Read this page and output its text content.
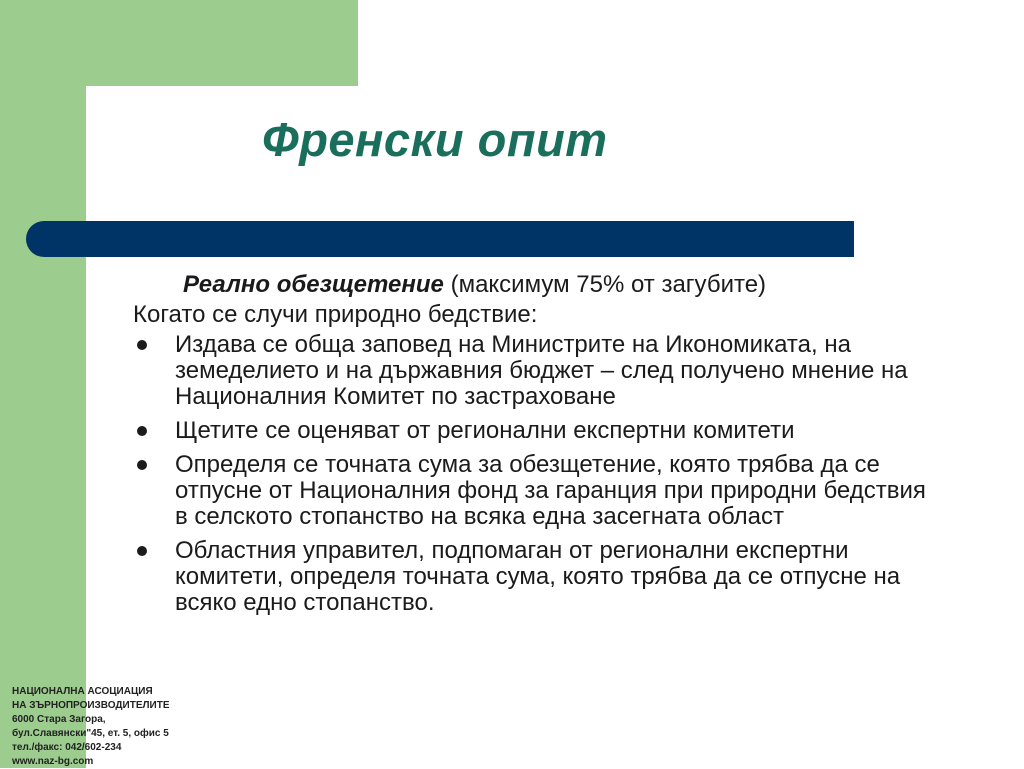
Френски опит
Реално обезщетение (максимум 75% от загубите)
Когато се случи природно бедствие:
Издава се обща заповед на Министрите на Икономиката, на земеделието и на държавния бюджет – след получено мнение на Националния Комитет по застраховане
Щетите се оценяват от регионални експертни комитети
Определя се точната сума за обезщетение, която трябва да се отпусне от Националния фонд за гаранция при природни бедствия в селското стопанство на всяка една засегната област
Областния управител, подпомаган от регионални експертни комитети, определя точната сума, която трябва да се отпусне на всяко едно стопанство.
НАЦИОНАЛНА АСОЦИАЦИЯ
НА ЗЪРНОПРОИЗВОДИТЕЛИТЕ
6000 Стара Загора,
бул.Славянски"45, ет. 5, офис 5
тел./факс: 042/602-234
www.naz-bg.com
